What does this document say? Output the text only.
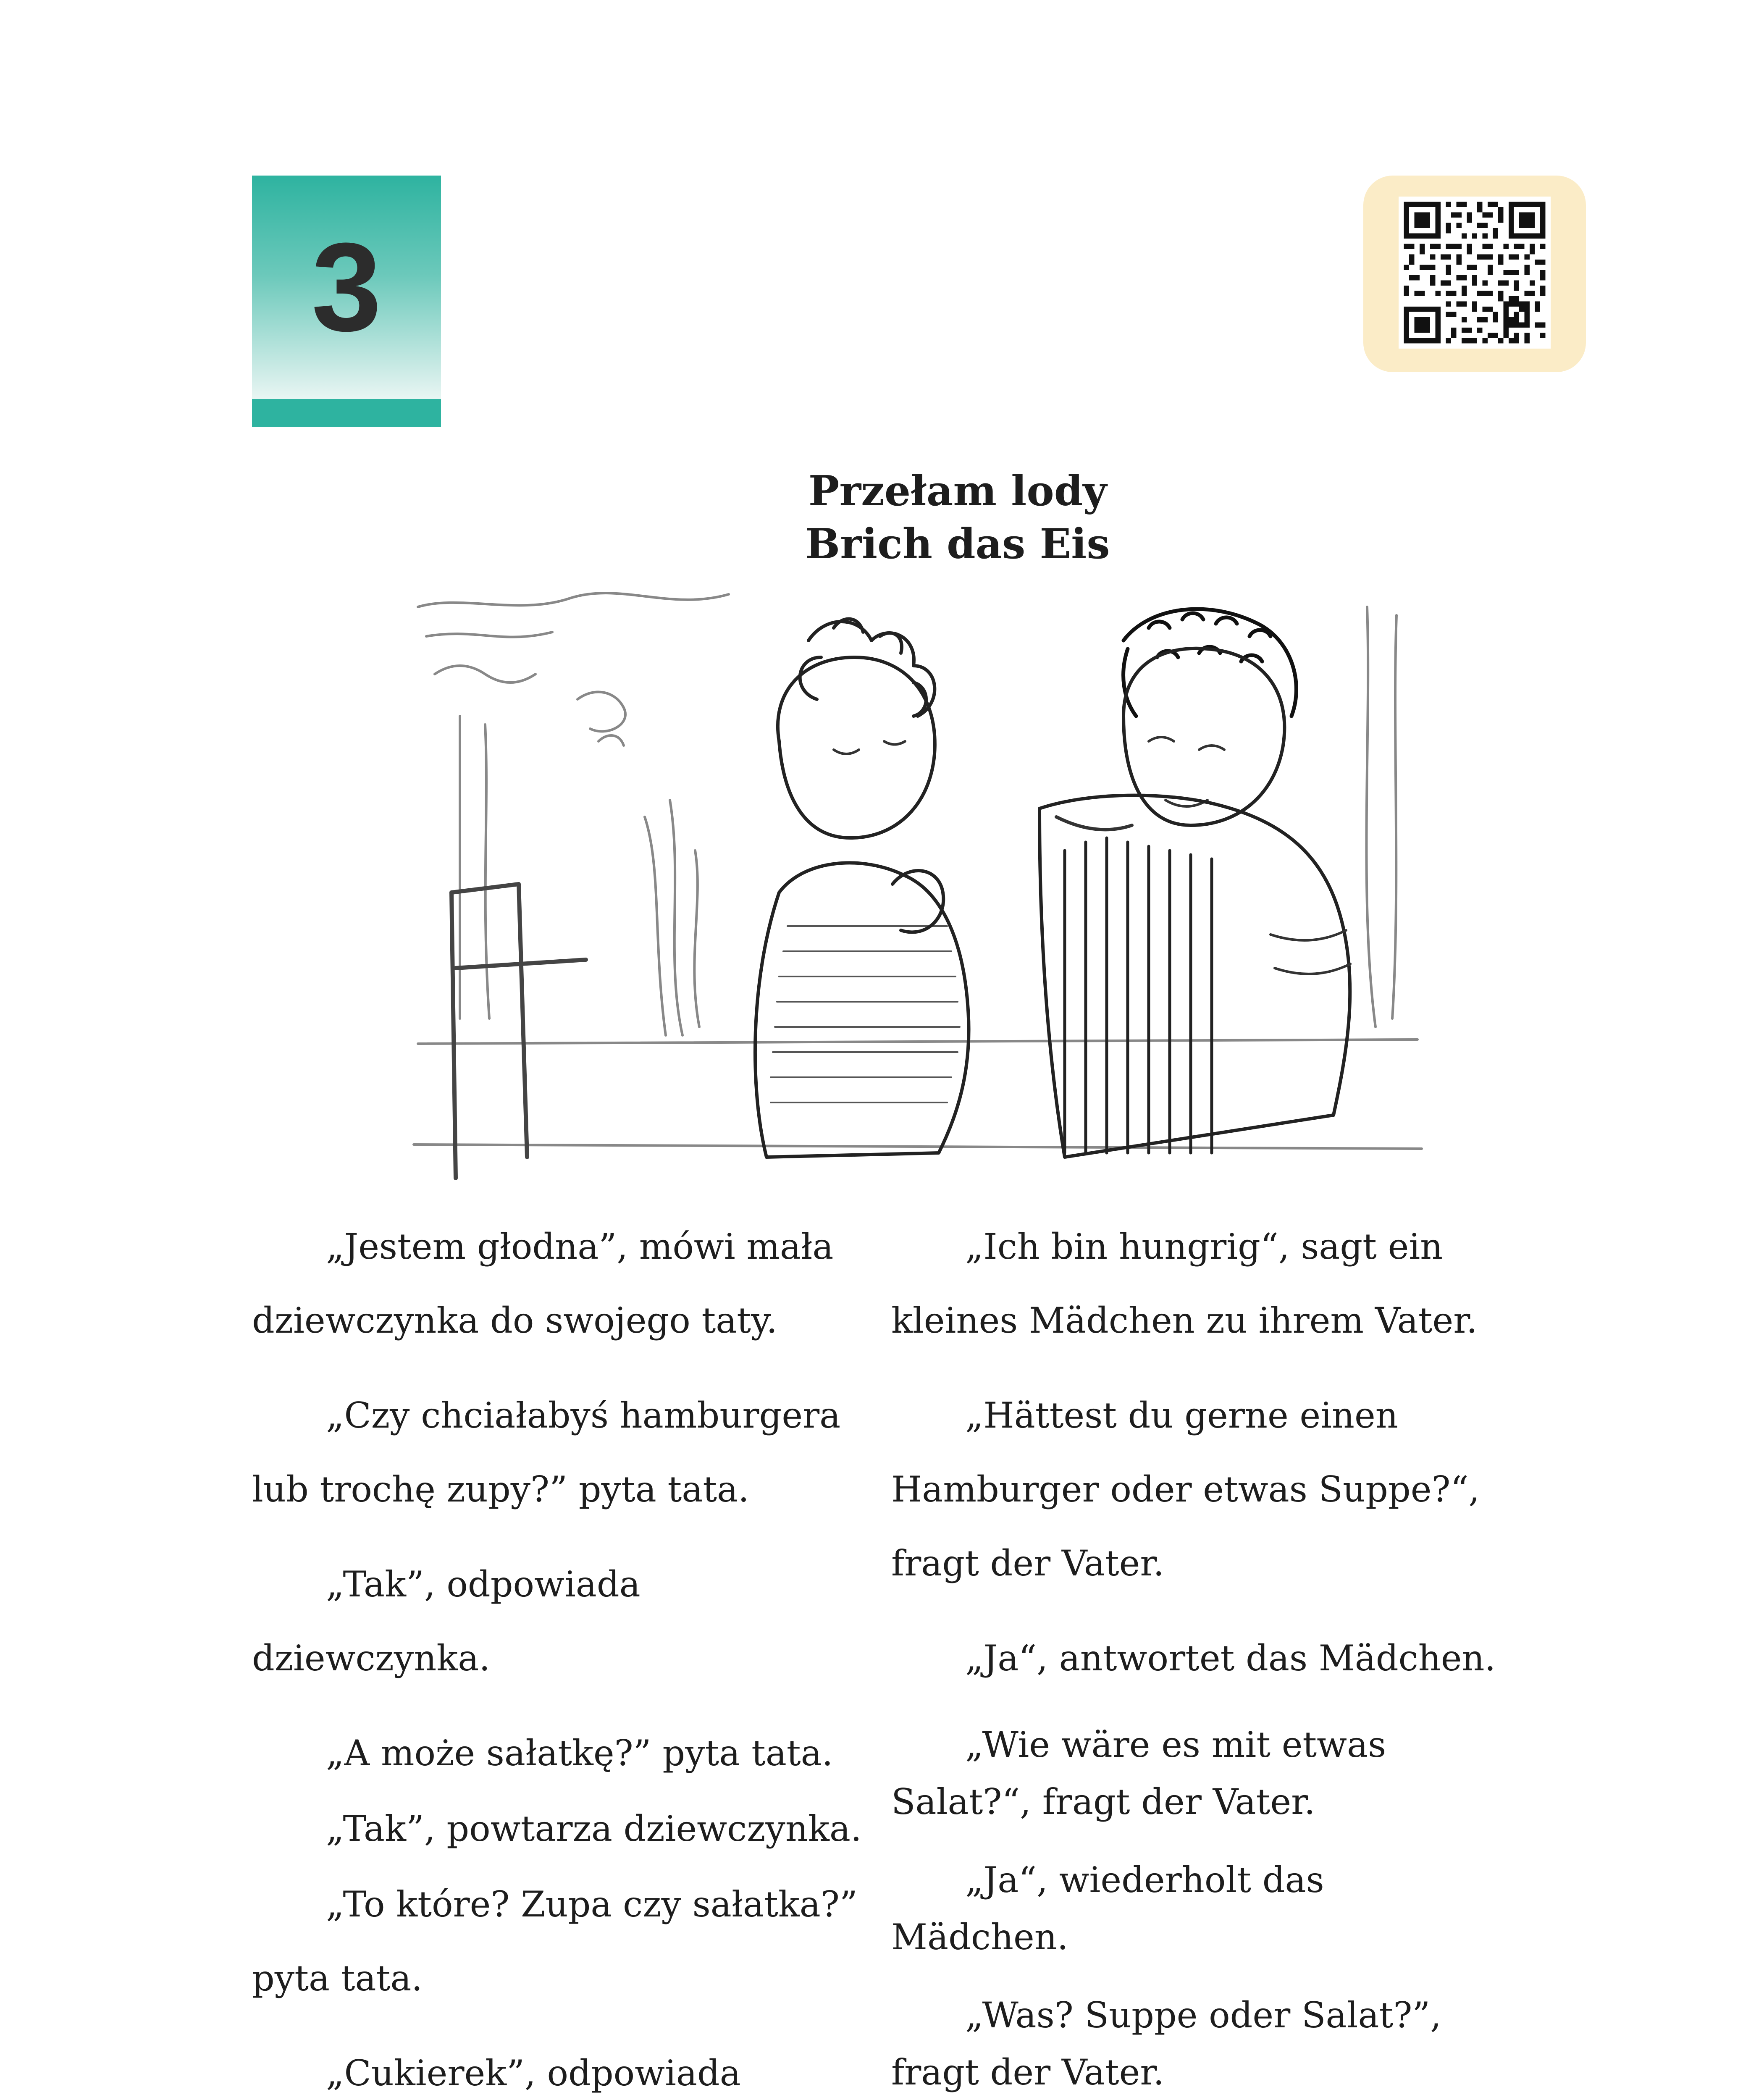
3
Przełam lody
Brich das Eis

„Jestem głodna”, mówi mała dziewczynka do swojego taty.

„Czy chciałabyś hamburgera lub trochę zupy?” pyta tata.

„Tak”, odpowiada dziewczynka.

„A może sałatkę?” pyta tata.

„Tak”, powtarza dziewczynka.

„To które? Zupa czy sałatka?” pyta tata.

„Cukierek”, odpowiada

„Ich bin hungrig“, sagt ein kleines Mädchen zu ihrem Vater.

„Hättest du gerne einen Hamburger oder etwas Suppe?“, fragt der Vater.

„Ja“, antwortet das Mädchen.

„Wie wäre es mit etwas Salat?“, fragt der Vater.

„Ja“, wiederholt das Mädchen.

„Was? Suppe oder Salat?”, fragt der Vater.
